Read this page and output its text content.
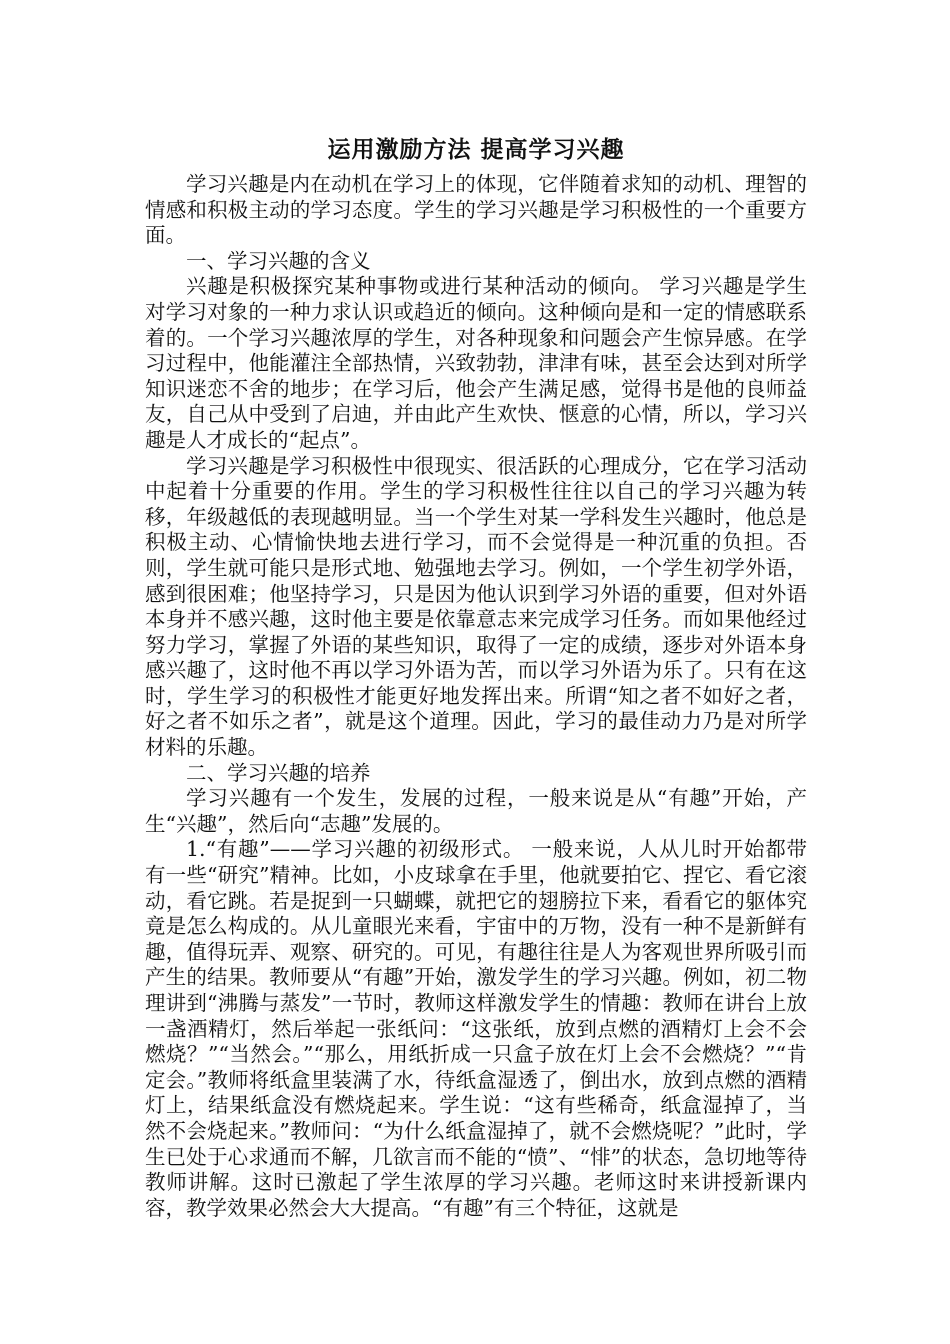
运用激励方法 提高学习兴趣

学习兴趣是内在动机在学习上的体现，它伴随着求知的动机、理智的情感和积极主动的学习态度。学生的学习兴趣是学习积极性的一个重要方面。

一、学习兴趣的含义

兴趣是积极探究某种事物或进行某种活动的倾向。 学习兴趣是学生对学习对象的一种力求认识或趋近的倾向。这种倾向是和一定的情感联系着的。一个学习兴趣浓厚的学生，对各种现象和问题会产生惊异感。在学习过程中，他能灌注全部热情，兴致勃勃，津津有味，甚至会达到对所学知识迷恋不舍的地步；在学习后，他会产生满足感，觉得书是他的良师益友，自己从中受到了启迪，并由此产生欢快、惬意的心情，所以，学习兴趣是人才成长的“起点”。

学习兴趣是学习积极性中很现实、很活跃的心理成分，它在学习活动中起着十分重要的作用。学生的学习积极性往往以自己的学习兴趣为转移，年级越低的表现越明显。当一个学生对某一学科发生兴趣时，他总是积极主动、心情愉快地去进行学习，而不会觉得是一种沉重的负担。否则，学生就可能只是形式地、勉强地去学习。例如，一个学生初学外语，感到很困难；他坚持学习，只是因为他认识到学习外语的重要，但对外语本身并不感兴趣，这时他主要是依靠意志来完成学习任务。而如果他经过努力学习，掌握了外语的某些知识，取得了一定的成绩，逐步对外语本身感兴趣了，这时他不再以学习外语为苦，而以学习外语为乐了。只有在这时，学生学习的积极性才能更好地发挥出来。所谓“知之者不如好之者，好之者不如乐之者”，就是这个道理。因此，学习的最佳动力乃是对所学材料的乐趣。

二、学习兴趣的培养

学习兴趣有一个发生，发展的过程，一般来说是从“有趣”开始，产生“兴趣”，然后向“志趣”发展的。

1.“有趣”——学习兴趣的初级形式。 一般来说，人从儿时开始都带有一些“研究”精神。比如，小皮球拿在手里，他就要拍它、捏它、看它滚动，看它跳。若是捉到一只蝴蝶，就把它的翅膀拉下来，看看它的躯体究竟是怎么构成的。从儿童眼光来看，宇宙中的万物，没有一种不是新鲜有趣，值得玩弄、观察、研究的。可见，有趣往往是人为客观世界所吸引而产生的结果。教师要从“有趣”开始，激发学生的学习兴趣。例如，初二物理讲到“沸腾与蒸发”一节时，教师这样激发学生的情趣：教师在讲台上放一盏酒精灯，然后举起一张纸问：“这张纸，放到点燃的酒精灯上会不会燃烧？”“当然会。”“那么，用纸折成一只盒子放在灯上会不会燃烧？”“肯定会。”教师将纸盒里装满了水，待纸盒湿透了，倒出水，放到点燃的酒精灯上，结果纸盒没有燃烧起来。学生说：“这有些稀奇，纸盒湿掉了，当然不会烧起来。”教师问：“为什么纸盒湿掉了，就不会燃烧呢？”此时，学生已处于心求通而不解，几欲言而不能的“愤”、“悱”的状态，急切地等待教师讲解。这时已激起了学生浓厚的学习兴趣。老师这时来讲授新课内容，教学效果必然会大大提高。“有趣”有三个特征，这就是
